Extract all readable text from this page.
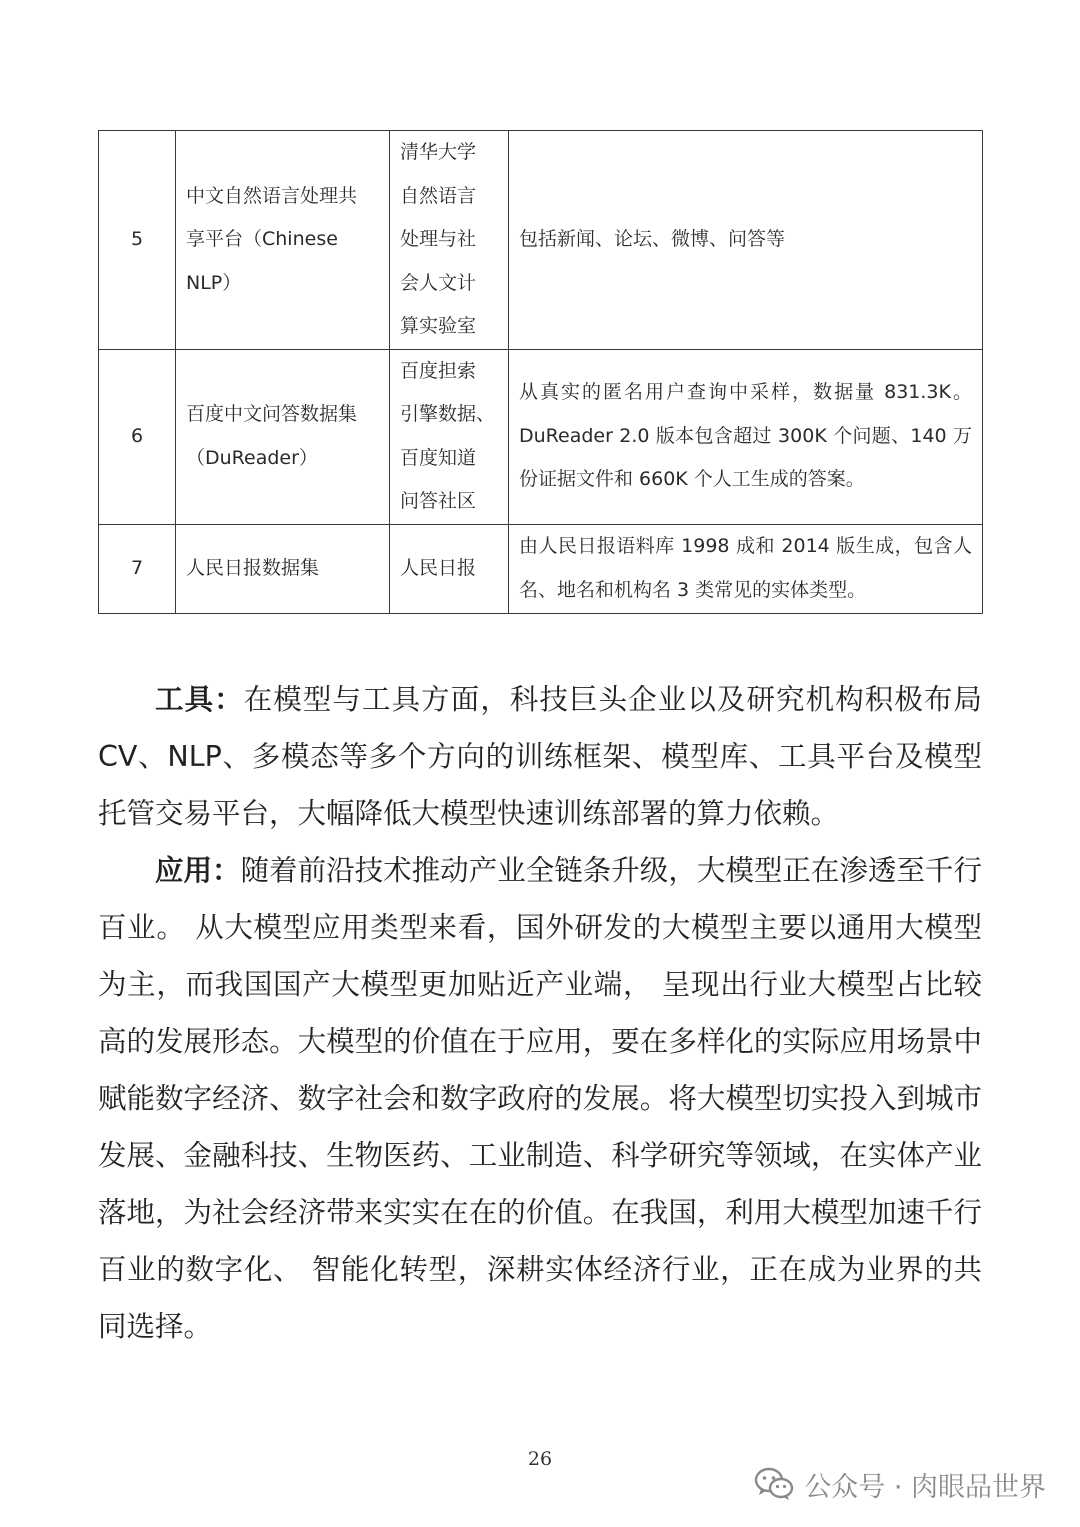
5	中文自然语言处理共
享平台（Chinese
NLP）	清华大学
自然语言
处理与社
会人文计
算实验室	包括新闻、论坛、微博、问答等
6	百度中文问答数据集
（DuReader）	百度担索
引擎数据、
百度知道
问答社区	从真实的匿名用户查询中采样，数据量 831.3K。DuReader 2.0 版本包含超过 300K 个问题、140 万份证据文件和 660K 个人工生成的答案。
7	人民日报数据集	人民日报	由人民日报语料库 1998 成和 2014 版生成，包含人名、地名和机构名 3 类常见的实体类型。

工具：在模型与工具方面，科技巨头企业以及研究机构积极布局 CV、NLP、多模态等多个方向的训练框架、模型库、工具平台及模型托管交易平台，大幅降低大模型快速训练部署的算力依赖。

应用：随着前沿技术推动产业全链条升级，大模型正在渗透至千行百业。 从大模型应用类型来看，国外研发的大模型主要以通用大模型为主，而我国国产大模型更加贴近产业端， 呈现出行业大模型占比较高的发展形态。大模型的价值在于应用，要在多样化的实际应用场景中赋能数字经济、数字社会和数字政府的发展。将大模型切实投入到城市发展、金融科技、生物医药、工业制造、科学研究等领域，在实体产业落地，为社会经济带来实实在在的价值。在我国，利用大模型加速千行百业的数字化、 智能化转型，深耕实体经济行业，正在成为业界的共同选择。

26
公众号 · 肉眼品世界
